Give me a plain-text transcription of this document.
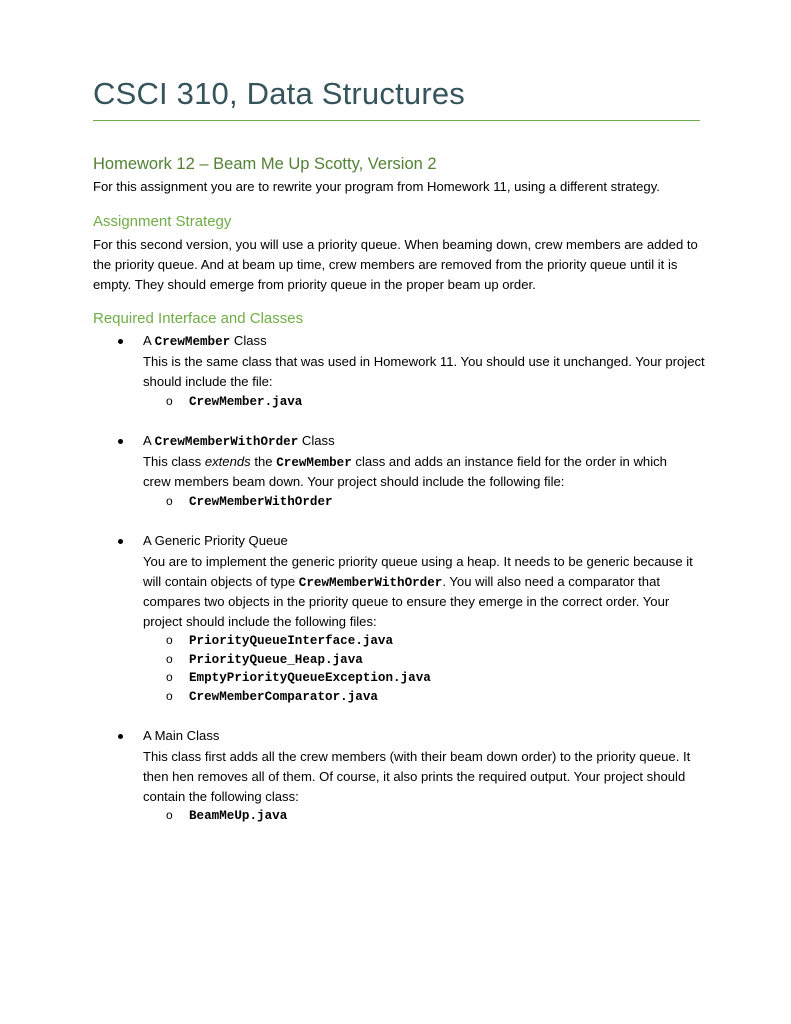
CSCI 310, Data Structures
Homework 12 – Beam Me Up Scotty, Version 2
For this assignment you are to rewrite your program from Homework 11, using a different strategy.
Assignment Strategy
For this second version, you will use a priority queue. When beaming down, crew members are added to
the priority queue. And at beam up time, crew members are removed from the priority queue until it is
empty. They should emerge from priority queue in the proper beam up order.
Required Interface and Classes
A CrewMember Class
This is the same class that was used in Homework 11. You should use it unchanged. Your project
should include the file:
o CrewMember.java
A CrewMemberWithOrder Class
This class extends the CrewMember class and adds an instance field for the order in which
crew members beam down. Your project should include the following file:
o CrewMemberWithOrder
A Generic Priority Queue
You are to implement the generic priority queue using a heap. It needs to be generic because it
will contain objects of type CrewMemberWithOrder. You will also need a comparator that
compares two objects in the priority queue to ensure they emerge in the correct order. Your
project should include the following files:
o PriorityQueueInterface.java
o PriorityQueue_Heap.java
o EmptyPriorityQueueException.java
o CrewMemberComparator.java
A Main Class
This class first adds all the crew members (with their beam down order) to the priority queue. It
then hen removes all of them. Of course, it also prints the required output. Your project should
contain the following class:
o BeamMeUp.java
